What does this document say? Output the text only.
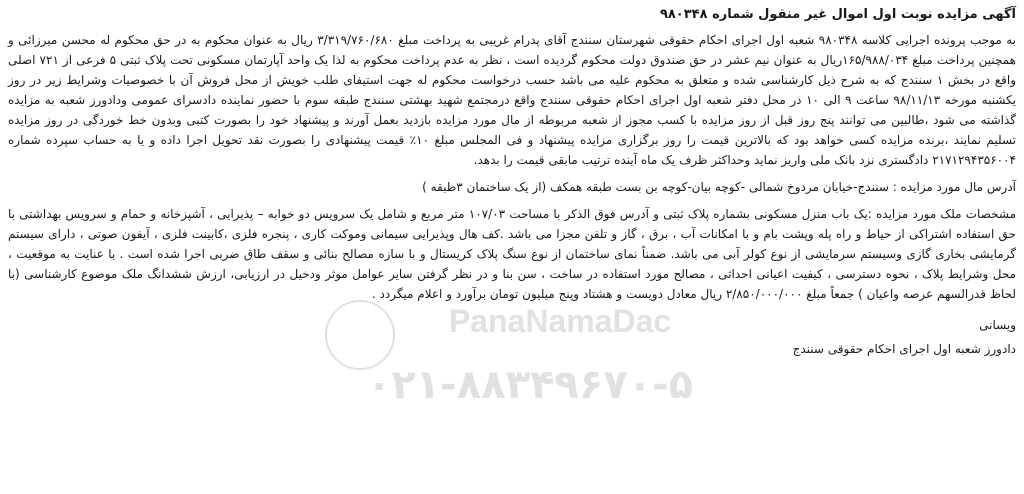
آگهی مزایده نوبت اول اموال غیر منقول شماره ۹۸۰۳۴۸

به موجب پرونده اجرایی کلاسه ۹۸۰۳۴۸ شعبه اول اجرای احکام حقوقی شهرستان سنندج آقای پدرام غریبی به پرداخت مبلغ ۳/۳۱۹/۷۶۰/۶۸۰ ریال به عنوان محکوم به در حق محکوم له محسن میرزائی و همچنین پرداخت مبلغ ۱۶۵/۹۸۸/۰۳۴ریال به عنوان نیم عشر در حق صندوق دولت محکوم گردیده است ، نظر به عدم پرداخت محکوم به لذا یک واحد آپارتمان مسکونی تحت پلاک ثبتی ۵ فرعی از ۷۲۱ اصلی واقع در بخش ۱ سنندج که به شرح ذیل کارشناسی شده و متعلق به محکوم علیه می باشد حسب درخواست محکوم له جهت استیفای طلب خویش از محل فروش آن با خصوصیات وشرایط زیر در روز یکشنبه مورخه ۹۸/۱۱/۱۳ ساعت ۹ الی ۱۰ در محل دفتر شعبه اول اجرای احکام حقوقی سنندج واقع درمجتمع شهید بهشتی سنندج طبقه سوم با حضور نماینده دادسرای عمومی ودادورز شعبه به مزایده گذاشته می شود ،طالبین می توانند پنج روز قبل از روز مزایده با کسب مجوز از شعبه مربوطه از مال مورد مزایده بازدید بعمل آورند و پیشنهاد خود را بصورت کتبی وبدون خط خوردگی در روز مزایده تسلیم نمایند ،برنده مزایده کسی خواهد بود که بالاترین قیمت را روز برگزاری مزایده پیشنهاد و فی المجلس مبلغ ۱۰٪ قیمت پیشنهادی را بصورت نقد تحویل اجرا داده و یا به حساب سپرده شماره ۲۱۷۱۲۹۴۳۵۶۰۰۴ دادگستری نزد بانک ملی واریز نماید وحداکثر ظرف یک ماه آینده ترتیب مابقی قیمت را بدهد.

آدرس مال مورد مزایده : سنندج-خیابان مردوخ شمالی -کوچه بیان-کوچه بن بست طبقه همکف (از یک ساختمان ۳طبقه )

مشخصات ملک مورد مزایده :یک باب منزل مسکونی بشماره پلاک ثبتی و آدرس فوق الذکر با مساحت ۱۰۷/۰۳ متر مربع و شامل یک سرویس دو خوابه – پذیرایی ، آشپزخانه و حمام و سرویس بهداشتی با حق استفاده اشتراکی از حیاط و راه پله وپشت بام و با امکانات آب ، برق ، گاز و تلفن مجزا می باشد .کف هال وپذیرایی سیمانی وموکت کاری ، پنجره فلزی ،کابینت فلزی ، آیفون صوتی ، دارای سیستم گرمایشی بخاری گازی وسیستم سرمایشی از نوع کولر آبی می باشد. ضمناً نمای ساختمان از نوع سنگ پلاک کریستال و با سازه مصالح بنائی و سقف طاق ضربی اجرا شده است . با عنایت به موقعیت ، محل وشرایط پلاک ، نحوه دسترسی ، کیفیت اعیانی احداثی ، مصالح مورد استفاده در ساخت ، سن بنا و در نظر گرفتن سایر عوامل موثر ودخیل در ارزیابی، ارزش ششدانگ ملک موضوع کارشناسی (با لحاظ قدرالسهم عرصه واعیان ) جمعاً مبلغ ۲/۸۵۰/۰۰۰/۰۰۰ ریال معادل دویست و هشتاد وپنج میلیون تومان برآورد و اعلام میگردد .

ویسانی
دادورز شعبه اول اجرای احکام حقوقی سنندج
PanaNamaDac
۰۲۱-۸۸۳۴۹۶۷۰-۵
